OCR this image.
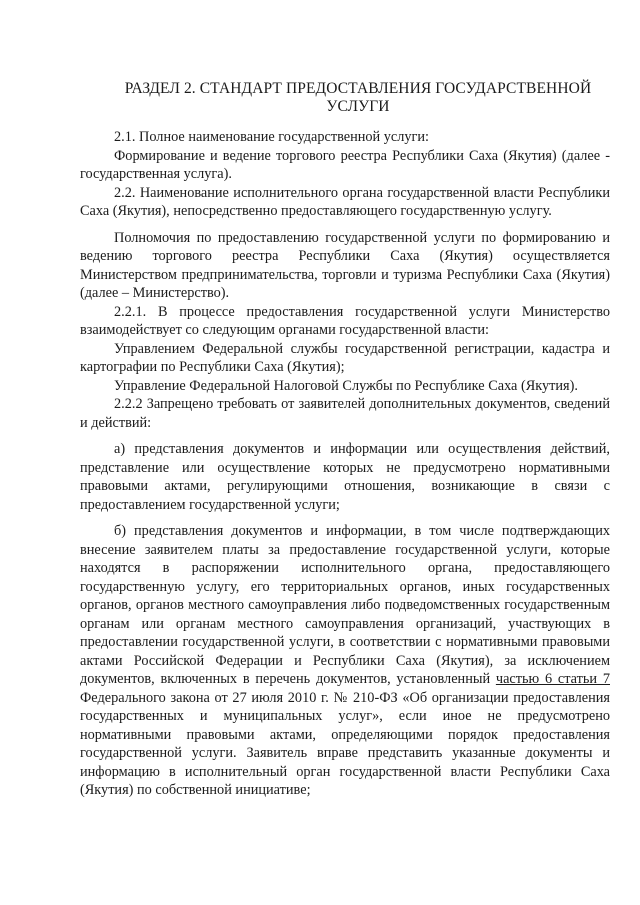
РАЗДЕЛ 2. СТАНДАРТ ПРЕДОСТАВЛЕНИЯ ГОСУДАРСТВЕННОЙ УСЛУГИ

2.1. Полное наименование государственной услуги:

Формирование и ведение торгового реестра Республики Саха (Якутия) (далее - государственная услуга).

2.2. Наименование исполнительного органа государственной власти Республики Саха (Якутия), непосредственно предоставляющего государственную услугу.

Полномочия по предоставлению государственной услуги по формированию и ведению торгового реестра Республики Саха (Якутия) осуществляется Министерством предпринимательства, торговли и туризма Республики Саха (Якутия) (далее – Министерство).

2.2.1. В процессе предоставления государственной услуги Министерство взаимодействует со следующим органами государственной власти:

Управлением Федеральной службы государственной регистрации, кадастра и картографии по Республики Саха (Якутия);

Управление Федеральной Налоговой Службы по Республике Саха (Якутия).

2.2.2 Запрещено требовать от заявителей дополнительных документов, сведений и действий:

а) представления документов и информации или осуществления действий, представление или осуществление которых не предусмотрено нормативными правовыми актами, регулирующими отношения, возникающие в связи с предоставлением государственной услуги;

б) представления документов и информации, в том числе подтверждающих внесение заявителем платы за предоставление государственной услуги, которые находятся в распоряжении исполнительного органа, предоставляющего государственную услугу, его территориальных органов, иных государственных органов, органов местного самоуправления либо подведомственных государственным органам или органам местного самоуправления организаций, участвующих в предоставлении государственной услуги, в соответствии с нормативными правовыми актами Российской Федерации и Республики Саха (Якутия), за исключением документов, включенных в перечень документов, установленный частью 6 статьи 7 Федерального закона от 27 июля 2010 г. № 210-ФЗ «Об организации предоставления государственных и муниципальных услуг», если иное не предусмотрено нормативными правовыми актами, определяющими порядок предоставления государственной услуги. Заявитель вправе представить указанные документы и информацию в исполнительный орган государственной власти Республики Саха (Якутия) по собственной инициативе;
